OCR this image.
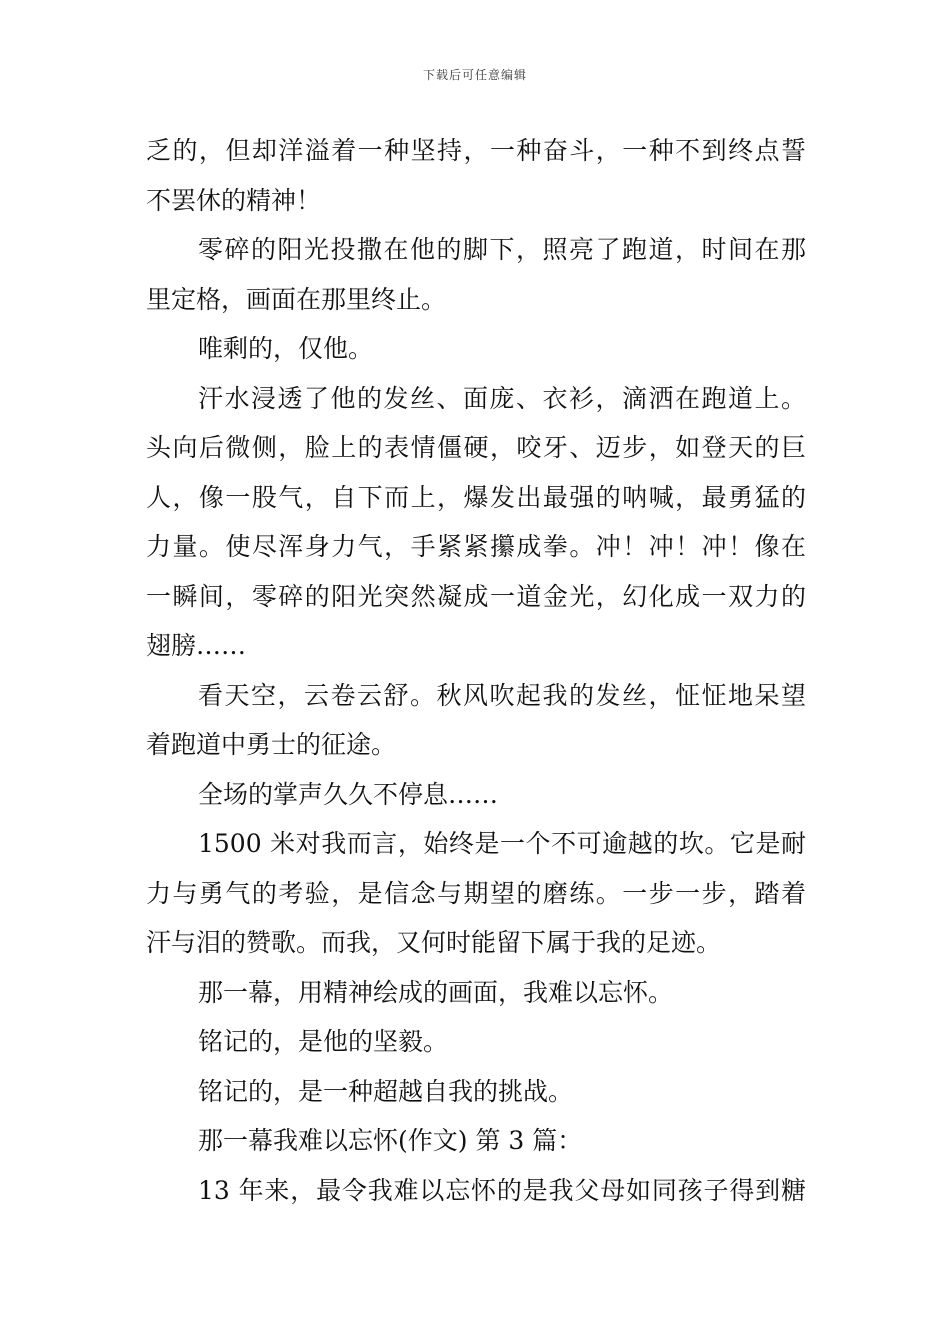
下载后可任意编辑
乏的，但却洋溢着一种坚持，一种奋斗，一种不到终点誓
不罢休的精神！
零碎的阳光投撒在他的脚下，照亮了跑道，时间在那
里定格，画面在那里终止。
唯剩的，仅他。
汗水浸透了他的发丝、面庞、衣衫，滴洒在跑道上。
头向后微侧，脸上的表情僵硬，咬牙、迈步，如登天的巨
人，像一股气，自下而上，爆发出最强的呐喊，最勇猛的
力量。使尽浑身力气，手紧紧攥成拳。冲！冲！冲！像在
一瞬间，零碎的阳光突然凝成一道金光，幻化成一双力的
翅膀……
看天空，云卷云舒。秋风吹起我的发丝，怔怔地呆望
着跑道中勇士的征途。
全场的掌声久久不停息……
1500 米对我而言，始终是一个不可逾越的坎。它是耐
力与勇气的考验，是信念与期望的磨练。一步一步，踏着
汗与泪的赞歌。而我，又何时能留下属于我的足迹。
那一幕，用精神绘成的画面，我难以忘怀。
铭记的，是他的坚毅。
铭记的，是一种超越自我的挑战。
那一幕我难以忘怀(作文) 第 3 篇：
13 年来，最令我难以忘怀的是我父母如同孩子得到糖
